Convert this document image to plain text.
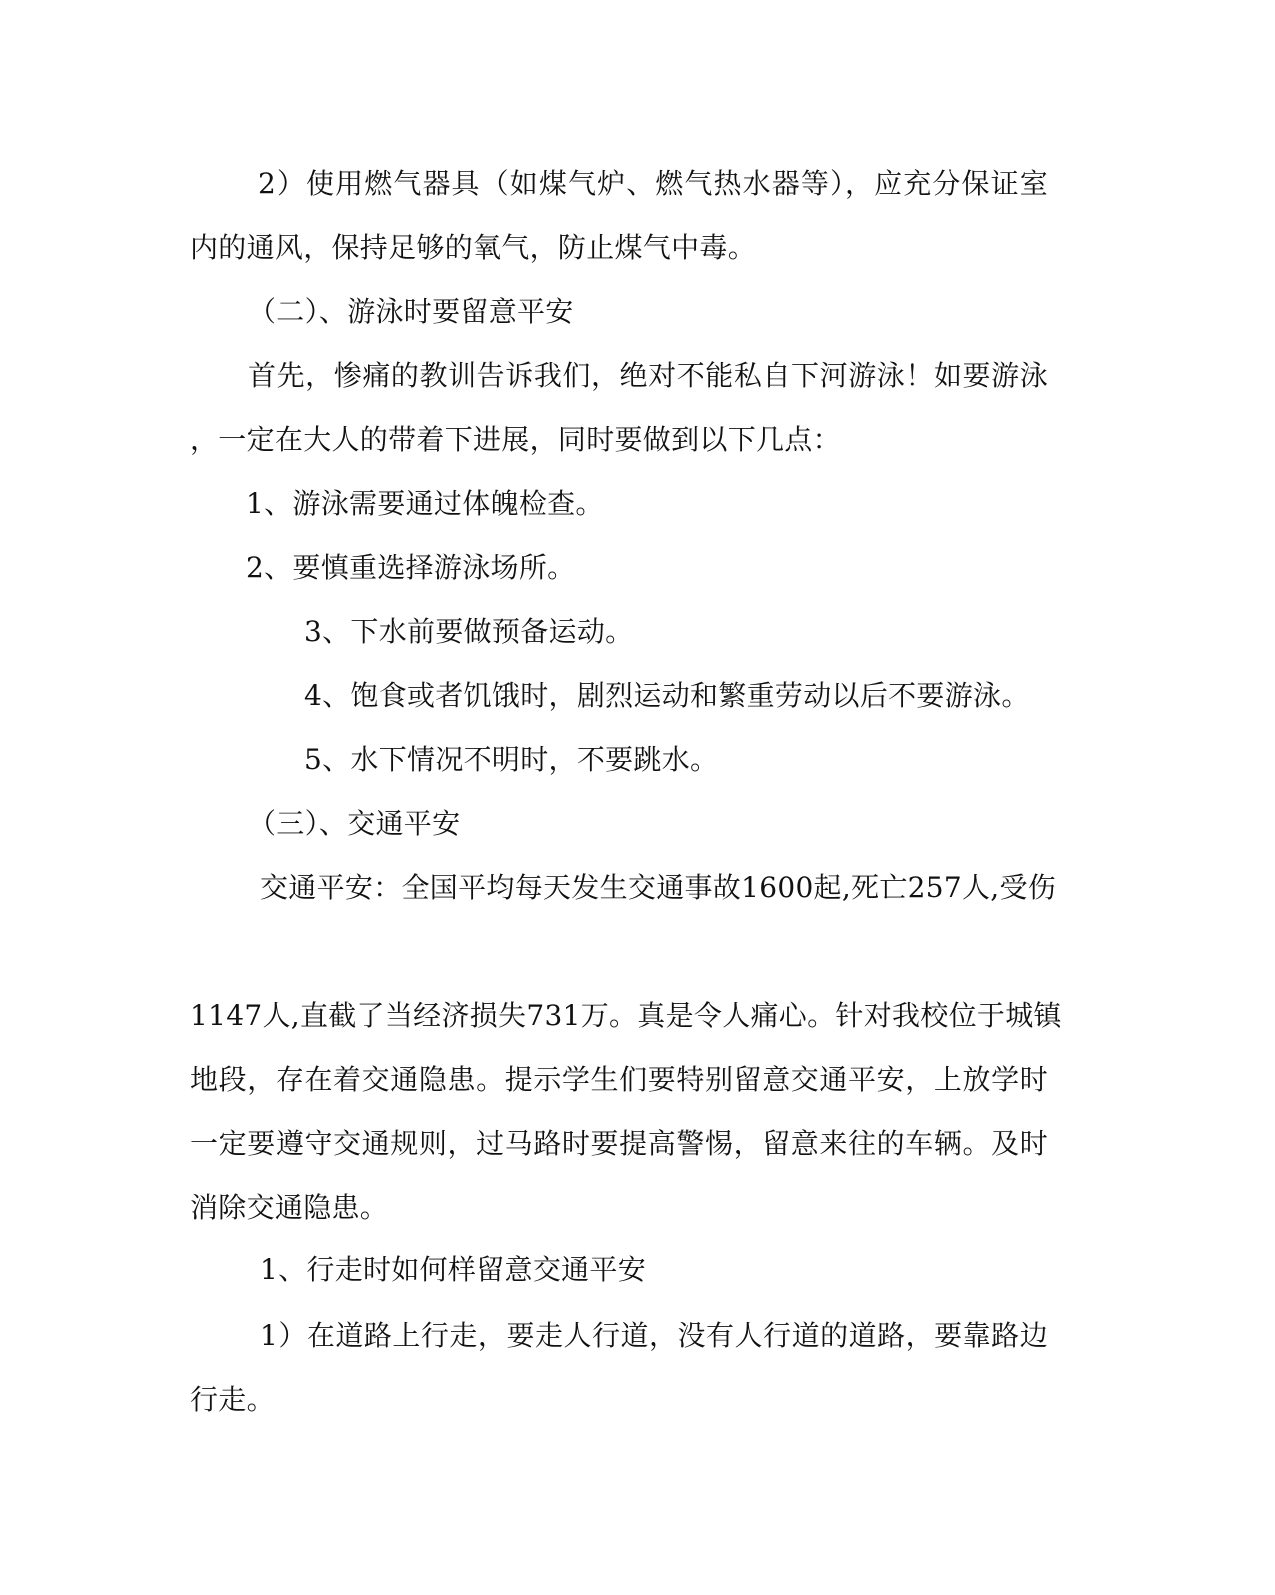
2）使用燃气器具（如煤气炉、燃气热水器等），应充分保证室
内的通风，保持足够的氧气，防止煤气中毒。
（二）、游泳时要留意平安
首先，惨痛的教训告诉我们，绝对不能私自下河游泳！如要游泳
，一定在大人的带着下进展，同时要做到以下几点：
1、游泳需要通过体魄检查。
2、要慎重选择游泳场所。
3、下水前要做预备运动。
4、饱食或者饥饿时，剧烈运动和繁重劳动以后不要游泳。
5、水下情况不明时，不要跳水。
（三）、交通平安
交通平安：全国平均每天发生交通事故1600起,死亡257人,受伤
1147人,直截了当经济损失731万。真是令人痛心。针对我校位于城镇
地段，存在着交通隐患。提示学生们要特别留意交通平安，上放学时
一定要遵守交通规则，过马路时要提高警惕，留意来往的车辆。及时
消除交通隐患。
1、行走时如何样留意交通平安
1）在道路上行走，要走人行道，没有人行道的道路，要靠路边
行走。
